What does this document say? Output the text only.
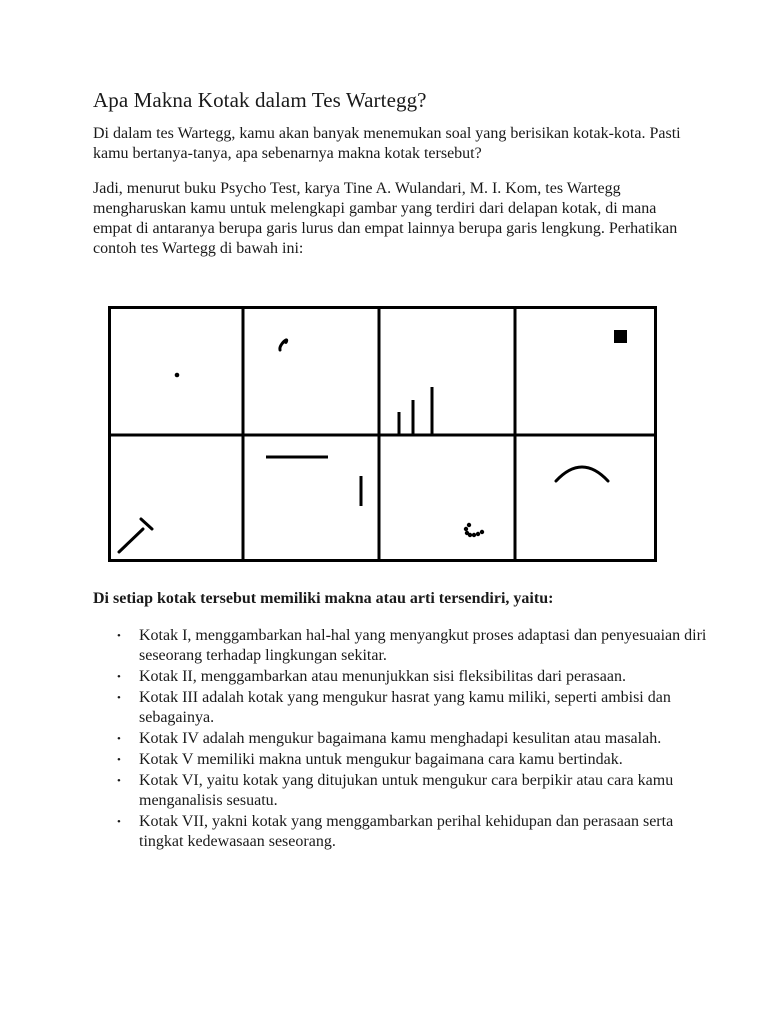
Apa Makna Kotak dalam Tes Wartegg?

Di dalam tes Wartegg, kamu akan banyak menemukan soal yang berisikan kotak-kota. Pasti kamu bertanya-tanya, apa sebenarnya makna kotak tersebut?

Jadi, menurut buku Psycho Test, karya Tine A. Wulandari, M. I. Kom, tes Wartegg mengharuskan kamu untuk melengkapi gambar yang terdiri dari delapan kotak, di mana empat di antaranya berupa garis lurus dan empat lainnya berupa garis lengkung. Perhatikan contoh tes Wartegg di bawah ini:

Di setiap kotak tersebut memiliki makna atau arti tersendiri, yaitu:

• Kotak I, menggambarkan hal-hal yang menyangkut proses adaptasi dan penyesuaian diri seseorang terhadap lingkungan sekitar.
• Kotak II, menggambarkan atau menunjukkan sisi fleksibilitas dari perasaan.
• Kotak III adalah kotak yang mengukur hasrat yang kamu miliki, seperti ambisi dan sebagainya.
• Kotak IV adalah mengukur bagaimana kamu menghadapi kesulitan atau masalah.
• Kotak V memiliki makna untuk mengukur bagaimana cara kamu bertindak.
• Kotak VI, yaitu kotak yang ditujukan untuk mengukur cara berpikir atau cara kamu menganalisis sesuatu.
• Kotak VII, yakni kotak yang menggambarkan perihal kehidupan dan perasaan serta tingkat kedewasaan seseorang.
